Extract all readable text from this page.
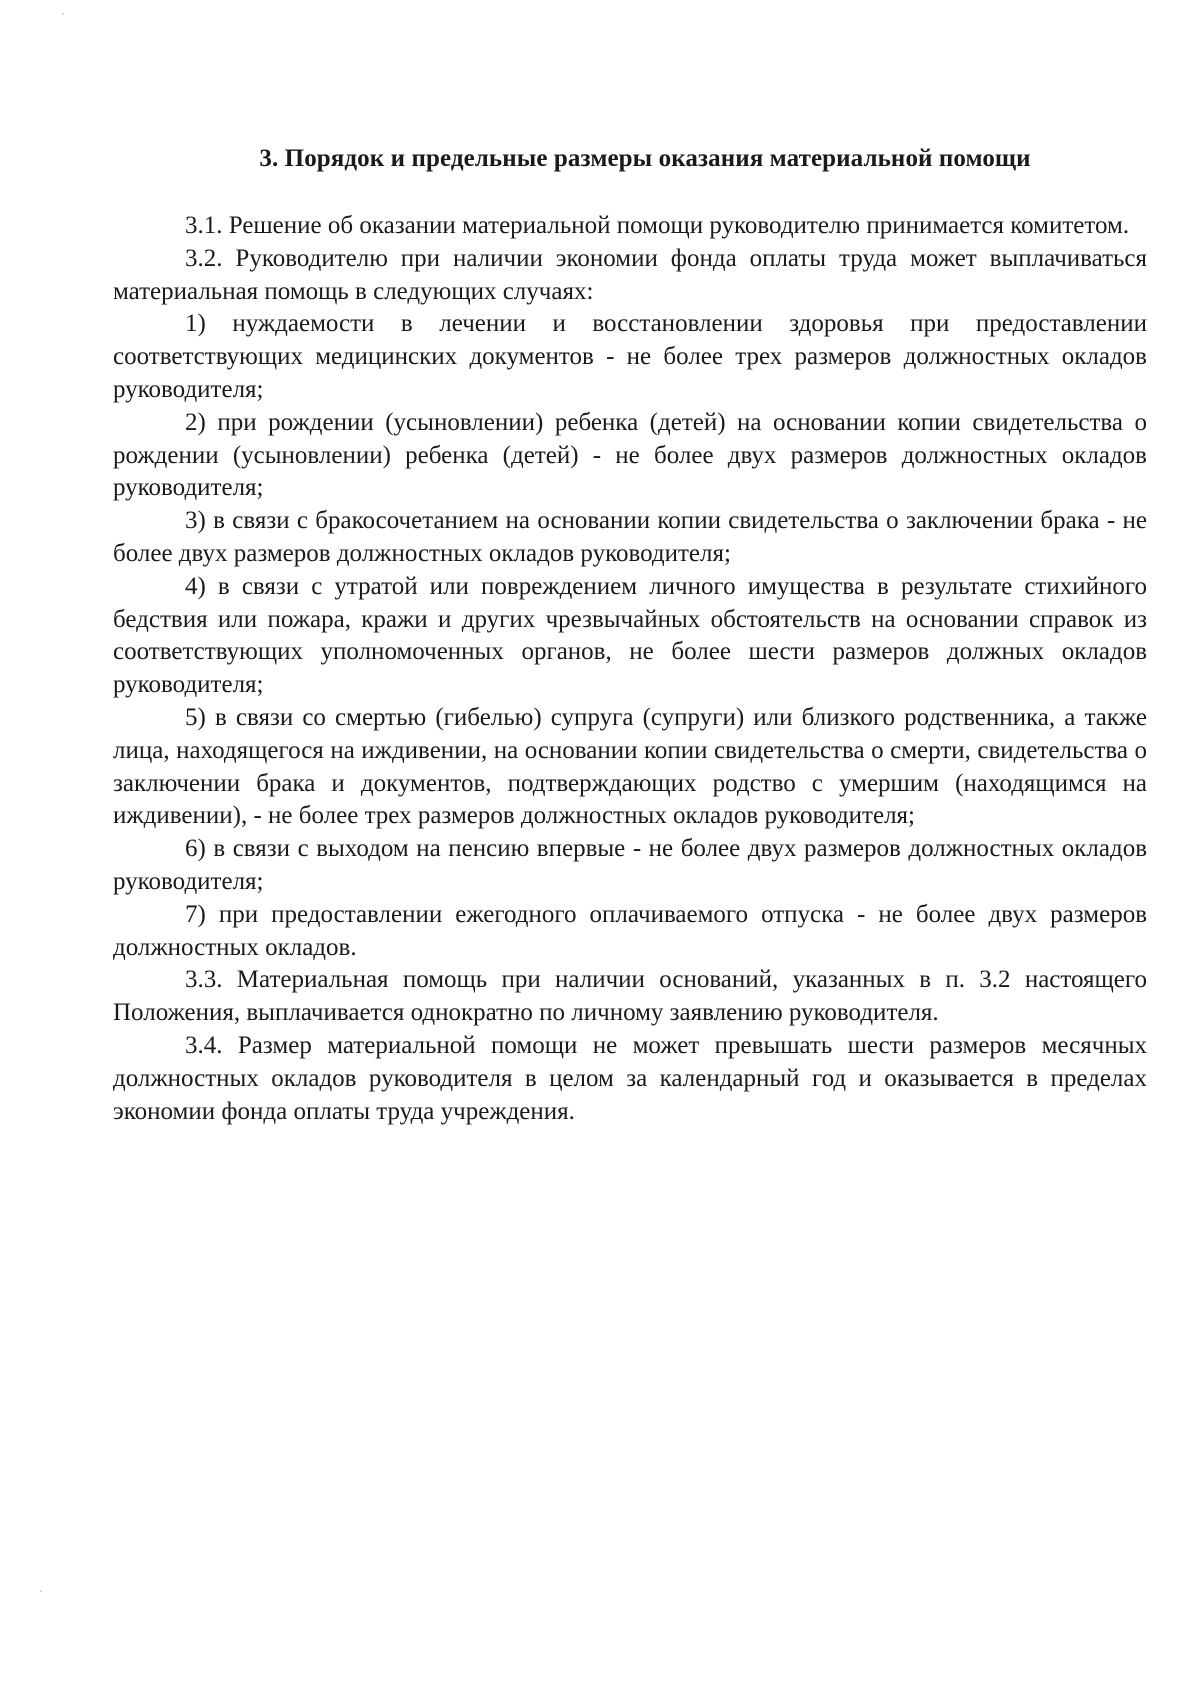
3. Порядок и предельные размеры оказания материальной помощи

3.1. Решение об оказании материальной помощи руководителю принимается комитетом.

3.2. Руководителю при наличии экономии фонда оплаты труда может выплачиваться материальная помощь в следующих случаях:

1) нуждаемости в лечении и восстановлении здоровья при предоставлении соответствующих медицинских документов - не более трех размеров должностных окладов руководителя;

2) при рождении (усыновлении) ребенка (детей) на основании копии свидетельства о рождении (усыновлении) ребенка (детей) - не более двух размеров должностных окладов руководителя;

3) в связи с бракосочетанием на основании копии свидетельства о заключении брака - не более двух размеров должностных окладов руководителя;

4) в связи с утратой или повреждением личного имущества в результате стихийного бедствия или пожара, кражи и других чрезвычайных обстоятельств на основании справок из соответствующих уполномоченных органов, не более шести размеров должных окладов руководителя;

5) в связи со смертью (гибелью) супруга (супруги) или близкого родственника, а также лица, находящегося на иждивении, на основании копии свидетельства о смерти, свидетельства о заключении брака и документов, подтверждающих родство с умершим (находящимся на иждивении), - не более трех размеров должностных окладов руководителя;

6) в связи с выходом на пенсию впервые - не более двух размеров должностных окладов руководителя;

7) при предоставлении ежегодного оплачиваемого отпуска - не более двух размеров должностных окладов.

3.3. Материальная помощь при наличии оснований, указанных в п. 3.2 настоящего Положения, выплачивается однократно по личному заявлению руководителя.

3.4. Размер материальной помощи не может превышать шести размеров месячных должностных окладов руководителя в целом за календарный год и оказывается в пределах экономии фонда оплаты труда учреждения.
